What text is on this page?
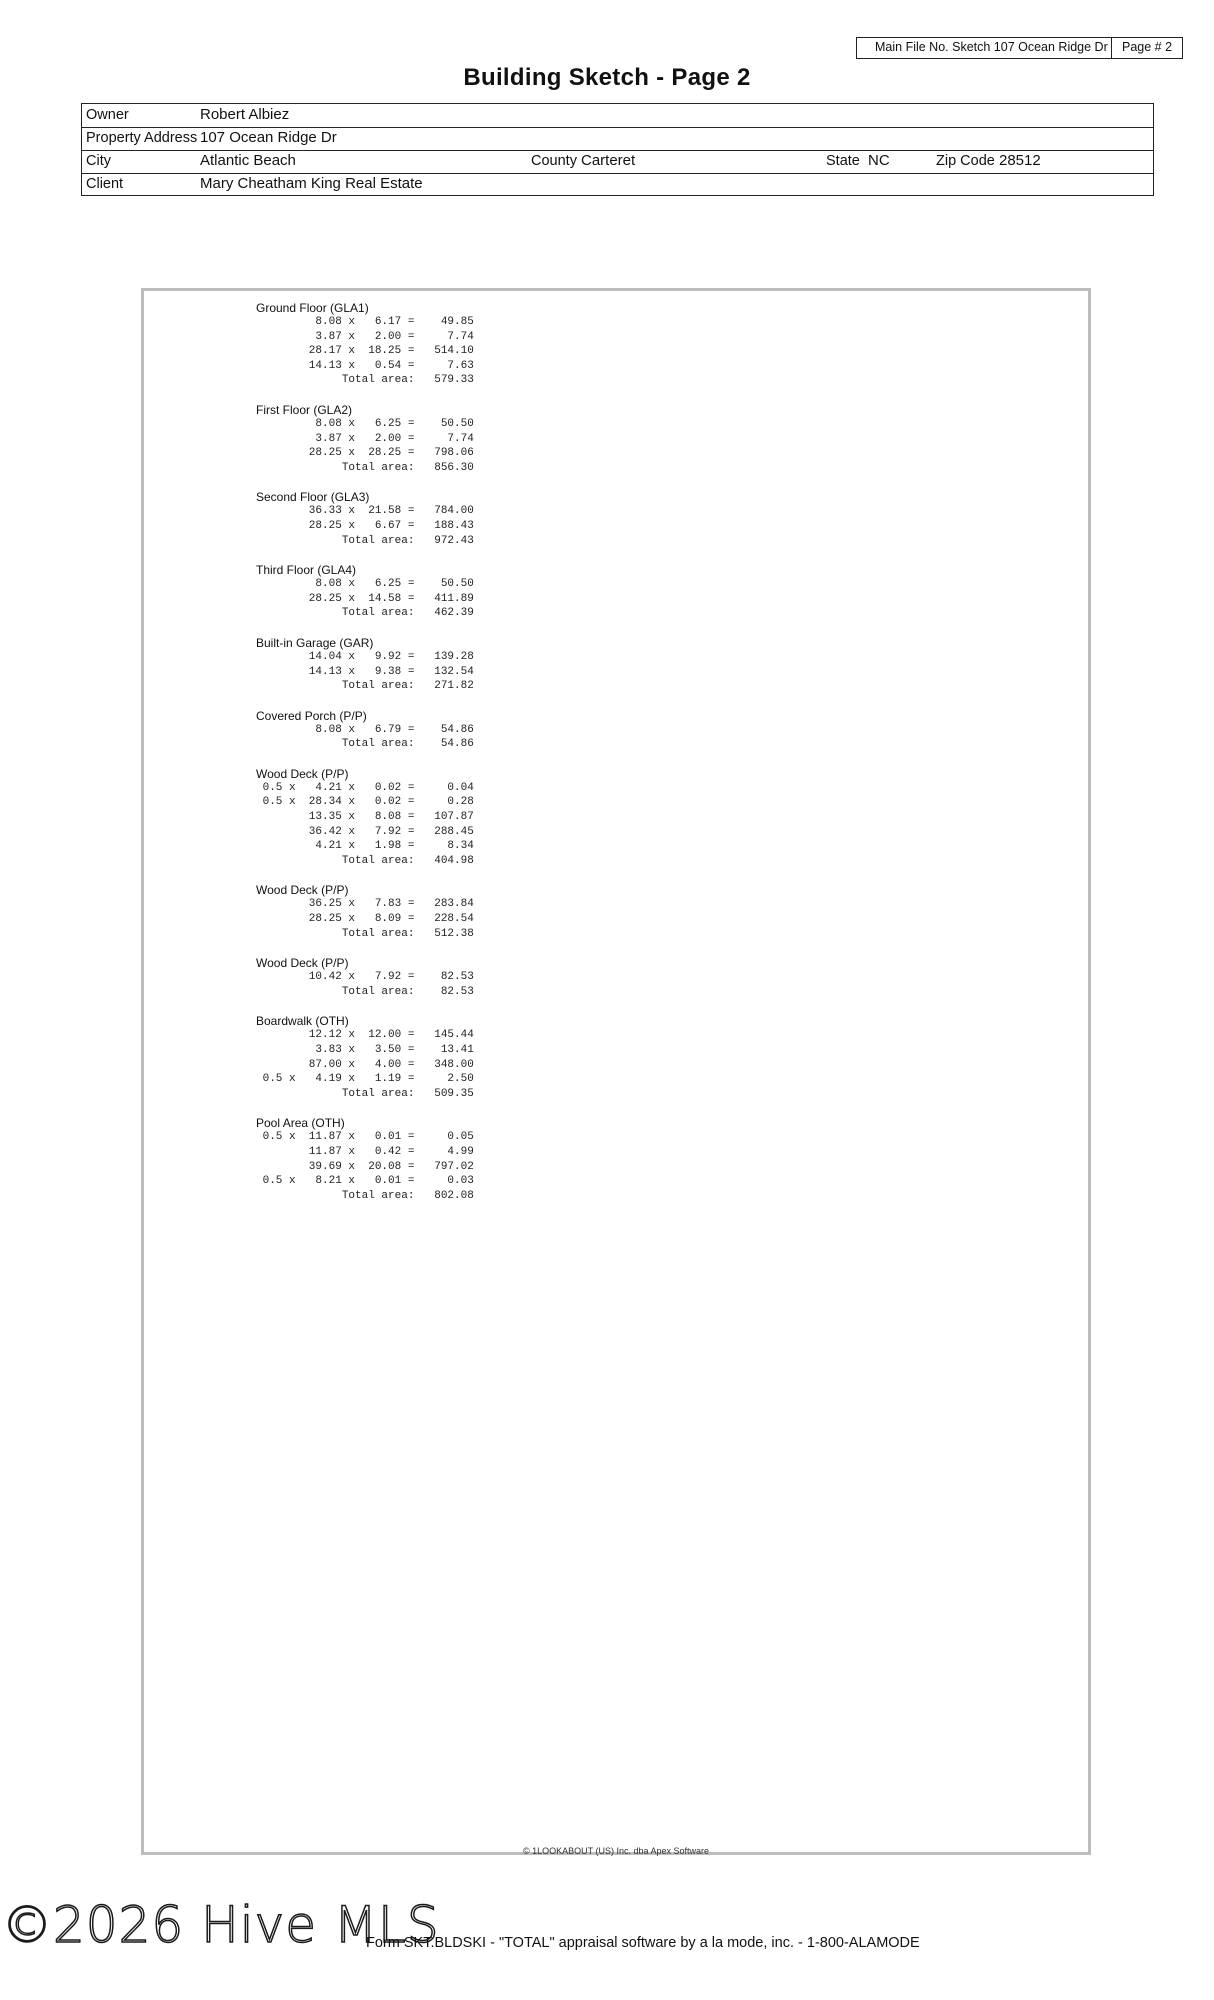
Main File No. Sketch 107 Ocean Ridge Dr	Page # 2
Building Sketch - Page 2
Owner	Robert Albiez
Property Address 107 Ocean Ridge Dr
City	Atlantic Beach	County Carteret	State NC	Zip Code 28512
Client	Mary Cheatham King Real Estate
Ground Floor (GLA1)
8.08 x   6.17 =    49.85
3.87 x   2.00 =     7.74
28.17 x  18.25 =   514.10
14.13 x   0.54 =     7.63
Total area:   579.33
First Floor (GLA2)
8.08 x   6.25 =    50.50
3.87 x   2.00 =     7.74
28.25 x  28.25 =   798.06
Total area:   856.30
Second Floor (GLA3)
36.33 x  21.58 =   784.00
28.25 x   6.67 =   188.43
Total area:   972.43
Third Floor (GLA4)
8.08 x   6.25 =    50.50
28.25 x  14.58 =   411.89
Total area:   462.39
Built-in Garage (GAR)
14.04 x   9.92 =   139.28
14.13 x   9.38 =   132.54
Total area:   271.82
Covered Porch (P/P)
8.08 x   6.79 =    54.86
Total area:    54.86
Wood Deck (P/P)
0.5 x   4.21 x   0.02 =     0.04
0.5 x  28.34 x   0.02 =     0.28
13.35 x   8.08 =   107.87
36.42 x   7.92 =   288.45
4.21 x   1.98 =     8.34
Total area:   404.98
Wood Deck (P/P)
36.25 x   7.83 =   283.84
28.25 x   8.09 =   228.54
Total area:   512.38
Wood Deck (P/P)
10.42 x   7.92 =    82.53
Total area:    82.53
Boardwalk (OTH)
12.12 x  12.00 =   145.44
3.83 x   3.50 =    13.41
87.00 x   4.00 =   348.00
0.5 x   4.19 x   1.19 =     2.50
Total area:   509.35
Pool Area (OTH)
0.5 x  11.87 x   0.01 =     0.05
11.87 x   0.42 =     4.99
39.69 x  20.08 =   797.02
0.5 x   8.21 x   0.01 =     0.03
Total area:   802.08
© 1LOOKABOUT (US) Inc. dba Apex Software
©2026 Hive MLS
Form SKT.BLDSKI - "TOTAL" appraisal software by a la mode, inc. - 1-800-ALAMODE
